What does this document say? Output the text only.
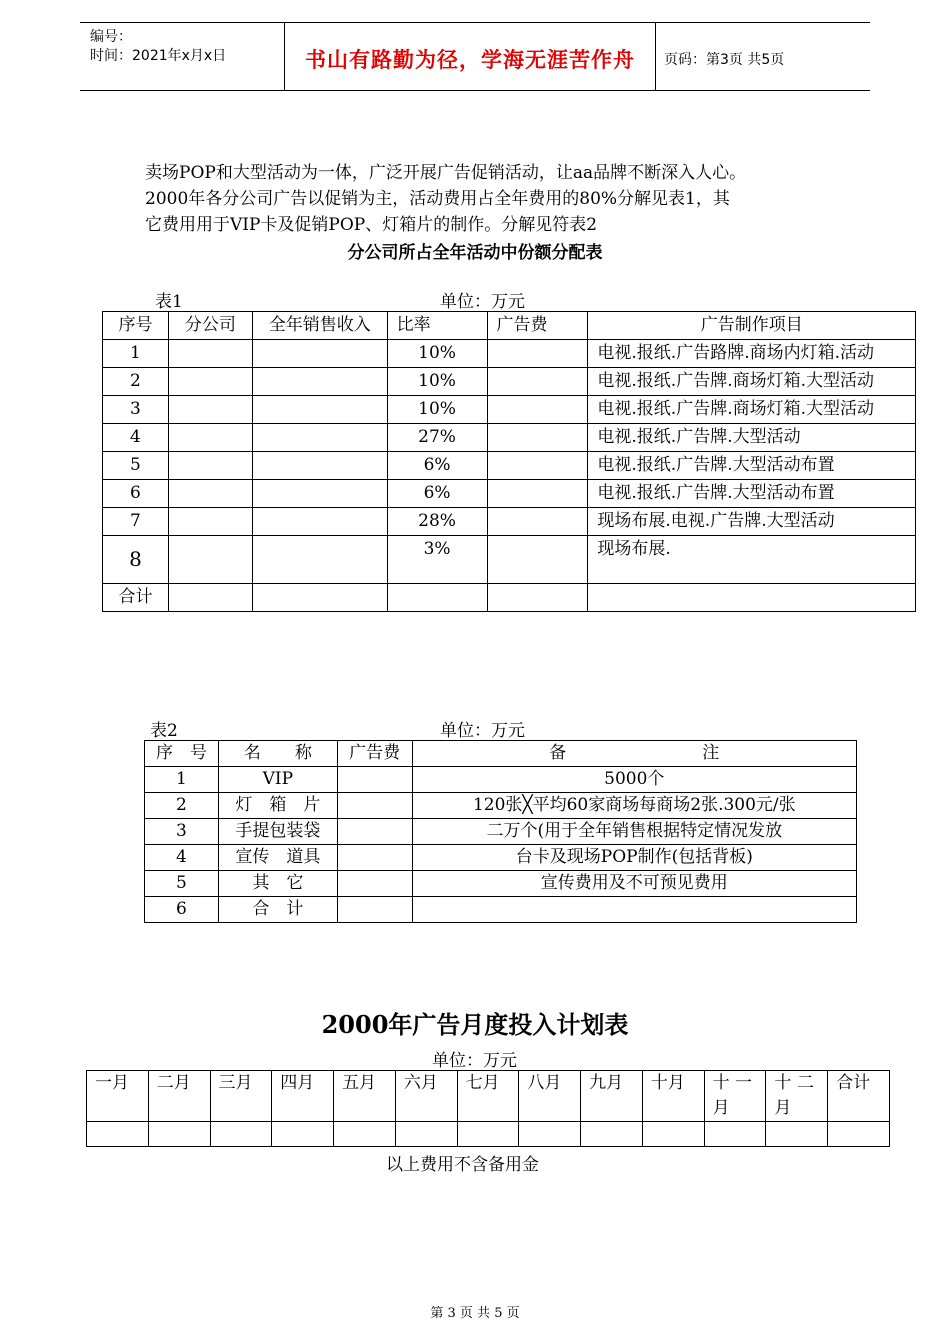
编号：
时间：2021年x月x日	书山有路勤为径，学海无涯苦作舟	页码：第3页 共5页
卖场POP和大型活动为一体，广泛开展广告促销活动，让aa品牌不断深入人心。
2000年各分公司广告以促销为主，活动费用占全年费用的80%分解见表1，其
它费用用于VIP卡及促销POP、灯箱片的制作。分解见符表2
分公司所占全年活动中份额分配表
表1	单位：万元
序号	分公司	全年销售收入	比率	广告费	广告制作项目
1			10%		电视.报纸.广告路牌.商场内灯箱.活动
2			10%		电视.报纸.广告牌.商场灯箱.大型活动
3			10%		电视.报纸.广告牌.商场灯箱.大型活动
4			27%		电视.报纸.广告牌.大型活动
5			6%		电视.报纸.广告牌.大型活动布置
6			6%		电视.报纸.广告牌.大型活动布置
7			28%		现场布展.电视.广告牌.大型活动
8			3%		现场布展.
合计					
表2	单位：万元
序　号	名　　称	广告费	备　　　　　　　　注
1	VIP		5000个
2	灯　箱　片		120张╳平均60家商场每商场2张.300元/张
3	手提包装袋		二万个(用于全年销售根据特定情况发放
4	宣传　道具		台卡及现场POP制作(包括背板)
5	其　它		宣传费用及不可预见费用
6	合　计		
2000年广告月度投入计划表
单位：万元
一月	二月	三月	四月	五月	六月	七月	八月	九月	十月	十 一 月	十 二 月	合计

以上费用不含备用金
第 3 页 共 5 页
